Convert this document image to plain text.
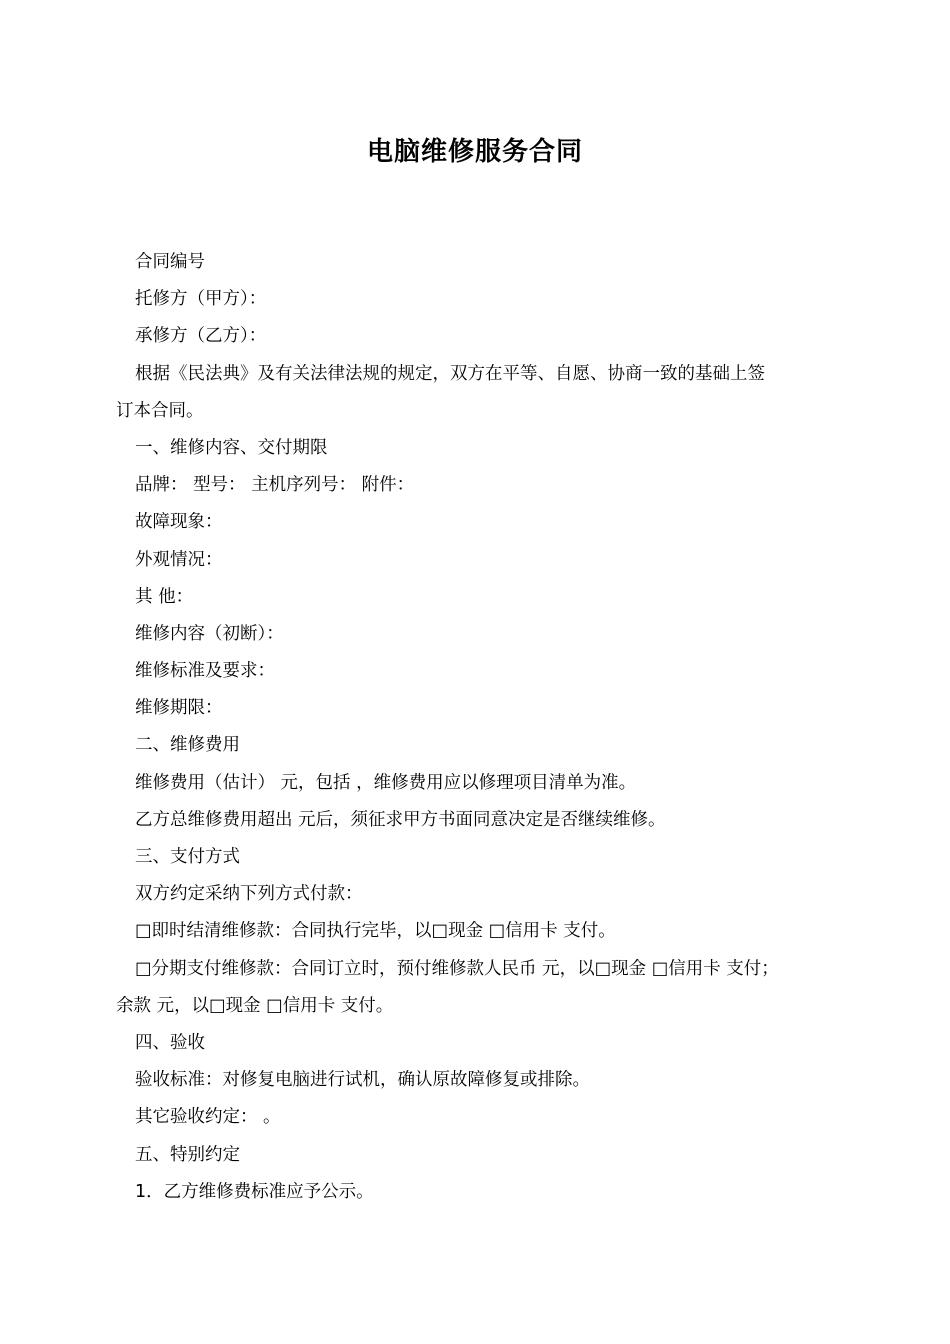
电脑维修服务合同
合同编号
托修方（甲方）：
承修方（乙方）：
根据《民法典》及有关法律法规的规定，双方在平等、自愿、协商一致的基础上签
订本合同。
一、维修内容、交付期限
品牌： 型号： 主机序列号： 附件：
故障现象：
外观情况：
其 他：
维修内容（初断）：
维修标准及要求：
维修期限：
二、维修费用
维修费用（估计） 元，包括 ，维修费用应以修理项目清单为准。
乙方总维修费用超出 元后，须征求甲方书面同意决定是否继续维修。
三、支付方式
双方约定采纳下列方式付款：
□即时结清维修款：合同执行完毕，以□现金 □信用卡 支付。
□分期支付维修款：合同订立时，预付维修款人民币 元，以□现金 □信用卡 支付；
余款 元，以□现金 □信用卡 支付。
四、验收
验收标准：对修复电脑进行试机，确认原故障修复或排除。
其它验收约定： 。
五、特别约定
1．乙方维修费标准应予公示。
